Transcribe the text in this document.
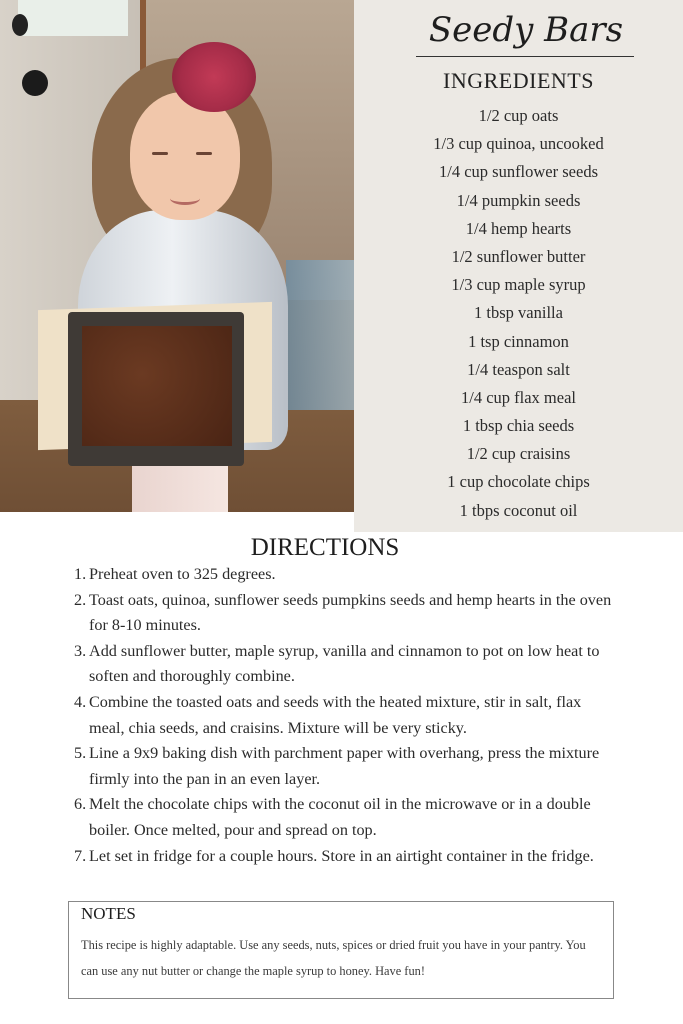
Seedy Bars
INGREDIENTS
1/2 cup oats
1/3 cup quinoa, uncooked
1/4 cup sunflower seeds
1/4 pumpkin seeds
1/4 hemp hearts
1/2 sunflower butter
1/3 cup maple syrup
1 tbsp vanilla
1 tsp cinnamon
1/4 teaspon salt
1/4 cup flax meal
1 tbsp chia seeds
1/2 cup craisins
1 cup chocolate chips
1 tbps coconut oil
DIRECTIONS
1. Preheat oven to 325 degrees.
2. Toast oats, quinoa, sunflower seeds pumpkins seeds and hemp hearts in the oven for 8-10 minutes.
3. Add sunflower butter, maple syrup, vanilla and cinnamon to pot on low heat to soften and thoroughly combine.
4. Combine the toasted oats and seeds with the heated mixture, stir in salt, flax meal, chia seeds, and craisins. Mixture will be very sticky.
5. Line a 9x9 baking dish with parchment paper with overhang, press the mixture firmly into the pan in an even layer.
6. Melt the chocolate chips with the coconut oil in the microwave or in a double boiler. Once melted, pour and spread on top.
7. Let set in fridge for a couple hours. Store in an airtight container in the fridge.
NOTES
This recipe is highly adaptable. Use any seeds, nuts, spices or dried fruit you have in your pantry. You can use any nut butter or change the maple syrup to honey. Have fun!
